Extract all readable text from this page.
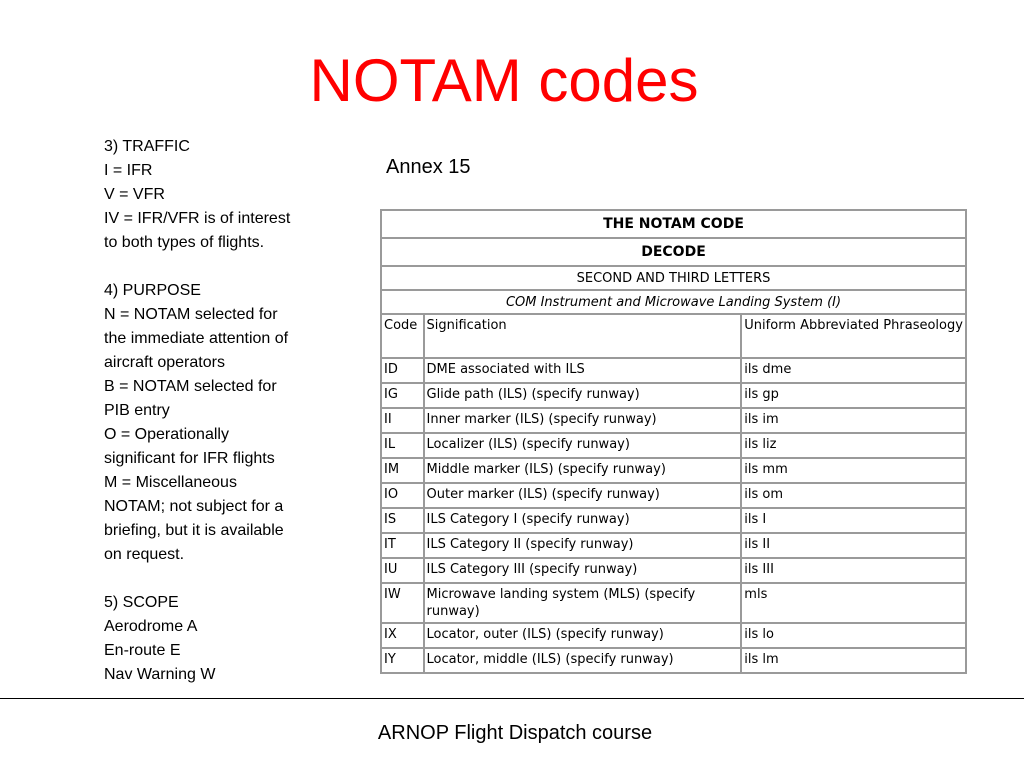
NOTAM codes
3) TRAFFIC
I = IFR
V = VFR
IV = IFR/VFR is of interest
to both types of flights.
4) PURPOSE
N = NOTAM selected for
the immediate attention of
aircraft operators
B = NOTAM selected for
PIB entry
O = Operationally
significant for IFR flights
M = Miscellaneous
NOTAM; not subject for a
briefing, but it is available
on request.
5) SCOPE
Aerodrome A
En-route E
Nav Warning W
Annex 15
THE NOTAM CODE		
DECODE		
SECOND AND THIRD LETTERS		
COM Instrument and Microwave Landing System (I)		
Code	Signification	Uniform Abbreviated Phraseology
ID	DME associated with ILS	ils dme
IG	Glide path (ILS) (specify runway)	ils gp
II	Inner marker (ILS) (specify runway)	ils im
IL	Localizer (ILS) (specify runway)	ils liz
IM	Middle marker (ILS) (specify runway)	ils mm
IO	Outer marker (ILS) (specify runway)	ils om
IS	ILS Category I (specify runway)	ils I
IT	ILS Category II (specify runway)	ils II
IU	ILS Category III (specify runway)	ils III
IW	Microwave landing system (MLS) (specify runway)	mls
IX	Locator, outer (ILS) (specify runway)	ils lo
IY	Locator, middle (ILS) (specify runway)	ils lm
ARNOP Flight Dispatch course
